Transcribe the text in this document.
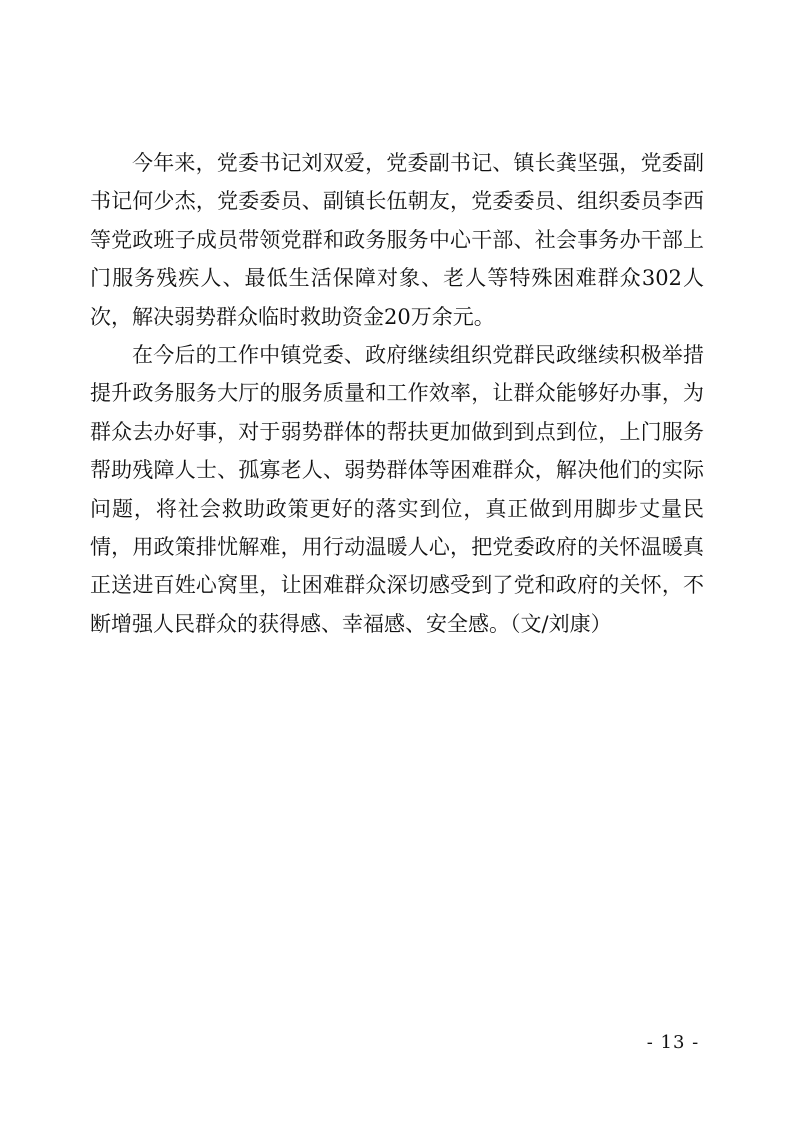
今年来，党委书记刘双爱，党委副书记、镇长龚坚强，党委副书记何少杰，党委委员、副镇长伍朝友，党委委员、组织委员李西等党政班子成员带领党群和政务服务中心干部、社会事务办干部上门服务残疾人、最低生活保障对象、老人等特殊困难群众302人次，解决弱势群众临时救助资金20万余元。

在今后的工作中镇党委、政府继续组织党群民政继续积极举措提升政务服务大厅的服务质量和工作效率，让群众能够好办事，为群众去办好事，对于弱势群体的帮扶更加做到到点到位，上门服务帮助残障人士、孤寡老人、弱势群体等困难群众，解决他们的实际问题，将社会救助政策更好的落实到位，真正做到用脚步丈量民情，用政策排忧解难，用行动温暖人心，把党委政府的关怀温暖真正送进百姓心窝里，让困难群众深切感受到了党和政府的关怀，不断增强人民群众的获得感、幸福感、安全感。（文/刘康）

- 13 -
